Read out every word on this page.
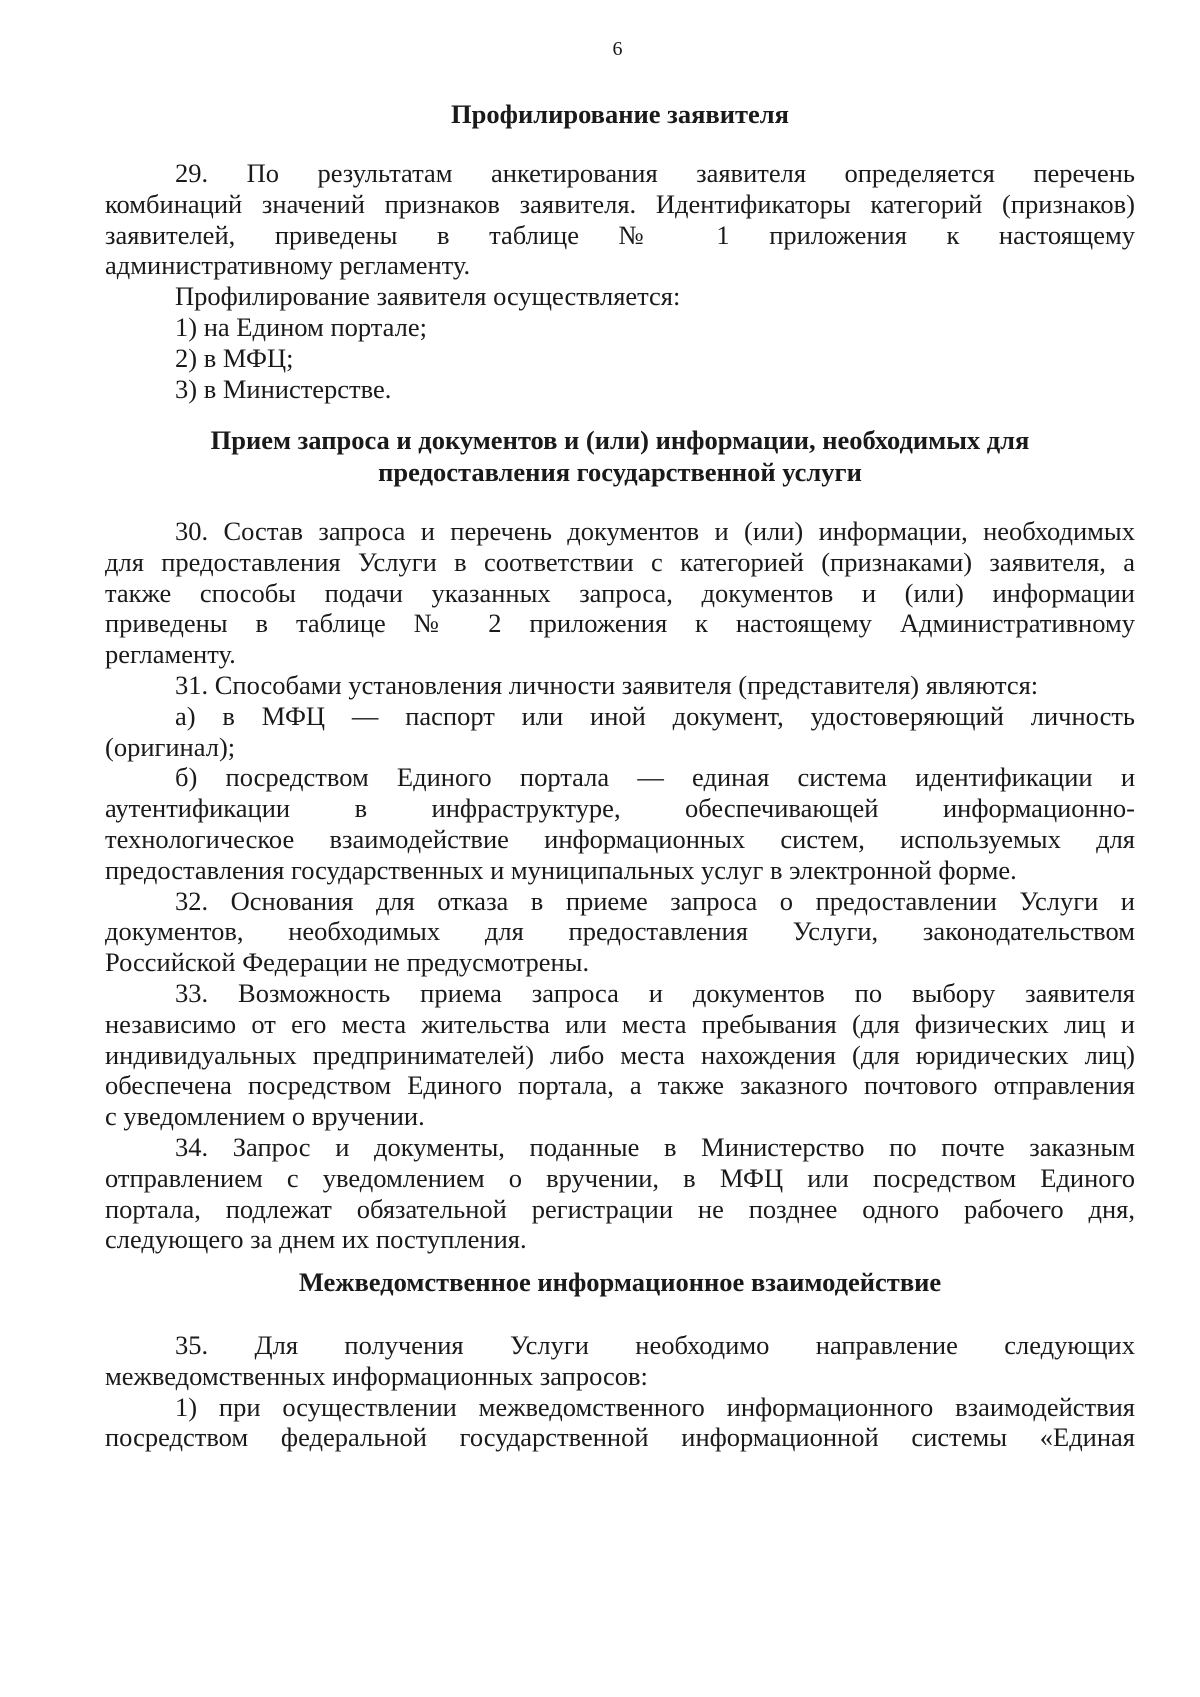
6
Профилирование заявителя

29. По результатам анкетирования заявителя определяется перечень
комбинаций значений признаков заявителя. Идентификаторы категорий (признаков)
заявителей, приведены в таблице № 1 приложения к настоящему
административному регламенту.

Профилирование заявителя осуществляется:

1) на Едином портале;
2) в МФЦ;
3) в Министерстве.

Прием запроса и документов и (или) информации, необходимых для
предоставления государственной услуги

30. Состав запроса и перечень документов и (или) информации, необходимых
для предоставления Услуги в соответствии с категорией (признаками) заявителя, а
также способы подачи указанных запроса, документов и (или) информации
приведены в таблице № 2 приложения к настоящему Административному
регламенту.

31. Способами установления личности заявителя (представителя) являются:

а) в МФЦ — паспорт или иной документ, удостоверяющий личность
(оригинал);

б) посредством Единого портала — единая система идентификации и
аутентификации в инфраструктуре, обеспечивающей информационно-
технологическое взаимодействие информационных систем, используемых для
предоставления государственных и муниципальных услуг в электронной форме.

32. Основания для отказа в приеме запроса о предоставлении Услуги и
документов, необходимых для предоставления Услуги, законодательством
Российской Федерации не предусмотрены.

33. Возможность приема запроса и документов по выбору заявителя
независимо от его места жительства или места пребывания (для физических лиц и
индивидуальных предпринимателей) либо места нахождения (для юридических лиц)
обеспечена посредством Единого портала, а также заказного почтового отправления
с уведомлением о вручении.

34. Запрос и документы, поданные в Министерство по почте заказным
отправлением с уведомлением о вручении, в МФЦ или посредством Единого
портала, подлежат обязательной регистрации не позднее одного рабочего дня,
следующего за днем их поступления.

Межведомственное информационное взаимодействие

35. Для получения Услуги необходимо направление следующих
межведомственных информационных запросов:

1) при осуществлении межведомственного информационного взаимодействия
посредством федеральной государственной информационной системы «Единая
